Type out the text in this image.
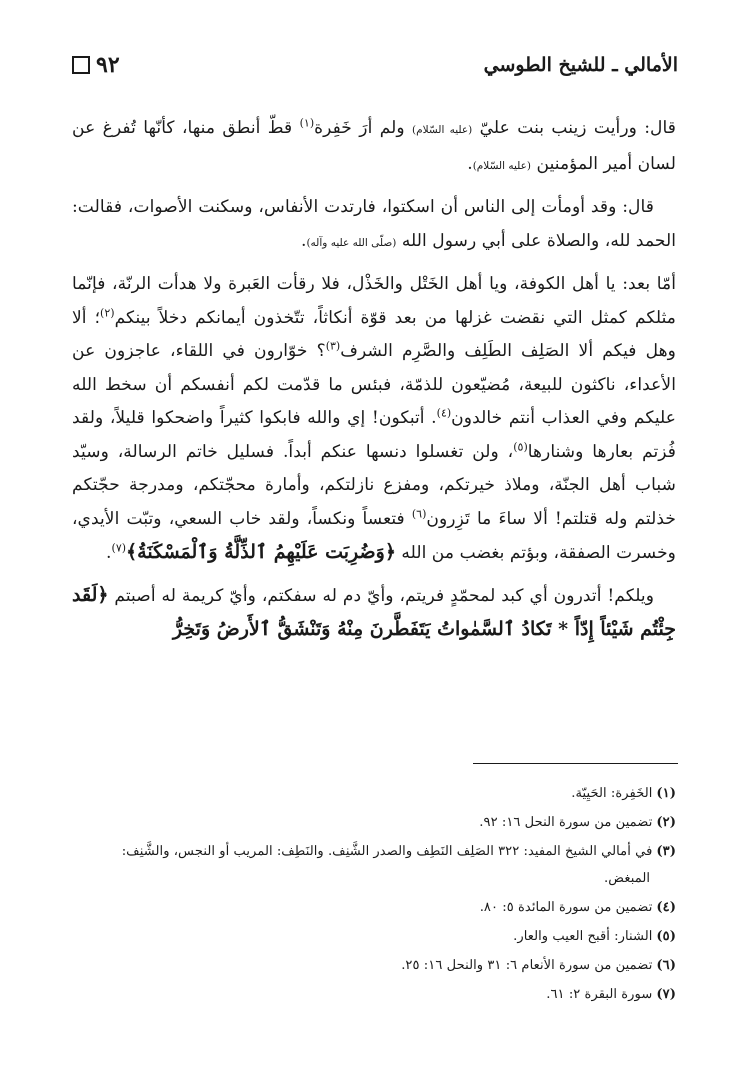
الأمالي ـ للشيخ الطوسي
٩٢

قال: ورأيت زينب بنت عليّ (عليه السّلام) ولم أرَ خَفِرة$^{(١)}$ قطّ أنطق منها، كأنّها تُفرغ عن لسان أمير المؤمنين (عليه السّلام).

قال: وقد أومأت إلى الناس أن اسكتوا، فارتدت الأنفاس، وسكنت الأصوات، فقالت: الحمد لله، والصلاة على أبي رسول الله (صلّى الله عليه وآله).

أمّا بعد: يا أهل الكوفة، ويا أهل الخَتْل والخَذْل، فلا رقأت العَبرة ولا هدأت الرنّة، فإنّما مثلكم كمثل التي نقضت غزلها من بعد قوّة أنكاثاً، تتّخذون أيمانكم دخلاً بينكم$^{(٢)}$؛ ألا وهل فيكم ألا الصَلِف الطَلِف والصَّرِم الشرف$^{(٣)}$؟ خوّارون في اللقاء، عاجزون عن الأعداء، ناكثون للبيعة، مُضيّعون للذمّة، فبئس ما قدّمت لكم أنفسكم أن سخط الله عليكم وفي العذاب أنتم خالدون$^{(٤)}$. أتبكون! إي والله فابكوا كثيراً واضحكوا قليلاً، ولقد فُزتم بعارها وشنارها$^{(٥)}$، ولن تغسلوا دنسها عنكم أبداً. فسليل خاتم الرسالة، وسيّد شباب أهل الجنّة، وملاذ خيرتكم، ومفزع نازلتكم، وأمارة محجّتكم، ومدرجة حجّتكم خذلتم وله قتلتم! ألا ساءَ ما تَزِرون$^{(٦)}$ فتعساً ونكساً، ولقد خاب السعي، وتبّت الأيدي، وخسرت الصفقة، وبؤتم بغضب من الله ﴿وَضُرِبَت عَلَيْهِمُ ٱلذِّلَّةُ وَٱلْمَسْكَنَةُ﴾$^{(٧)}$.

ويلكم! أتدرون أي كبد لمحمّدٍ فريتم، وأيّ دم له سفكتم، وأيّ كريمة له أصبتم ﴿لَقَد جِئْتُم شَيْئاً إِدّاً * تَكادُ ٱلسَّمٰواتُ يَتَفَطَّرنَ مِنْهُ وَتَنْشَقُّ ٱلأَرضُ وَتَخِرُّ

(١)الخَفِرة: الحَيِيّة.
(٢)تضمين من سورة النحل ١٦: ٩٢.
(٣)في أمالي الشيخ المفيد: ٣٢٢ الصَلِف النَطِف والصدر الشَّنِف. والنَطِف: المريب أو النجس، والشَّنِف:
المبغض.
(٤)تضمين من سورة المائدة ٥: ٨٠.
(٥)الشنار: أقبح العيب والعار.
(٦)تضمين من سورة الأنعام ٦: ٣١ والنحل ١٦: ٢٥.
(٧)سورة البقرة ٢: ٦١.
